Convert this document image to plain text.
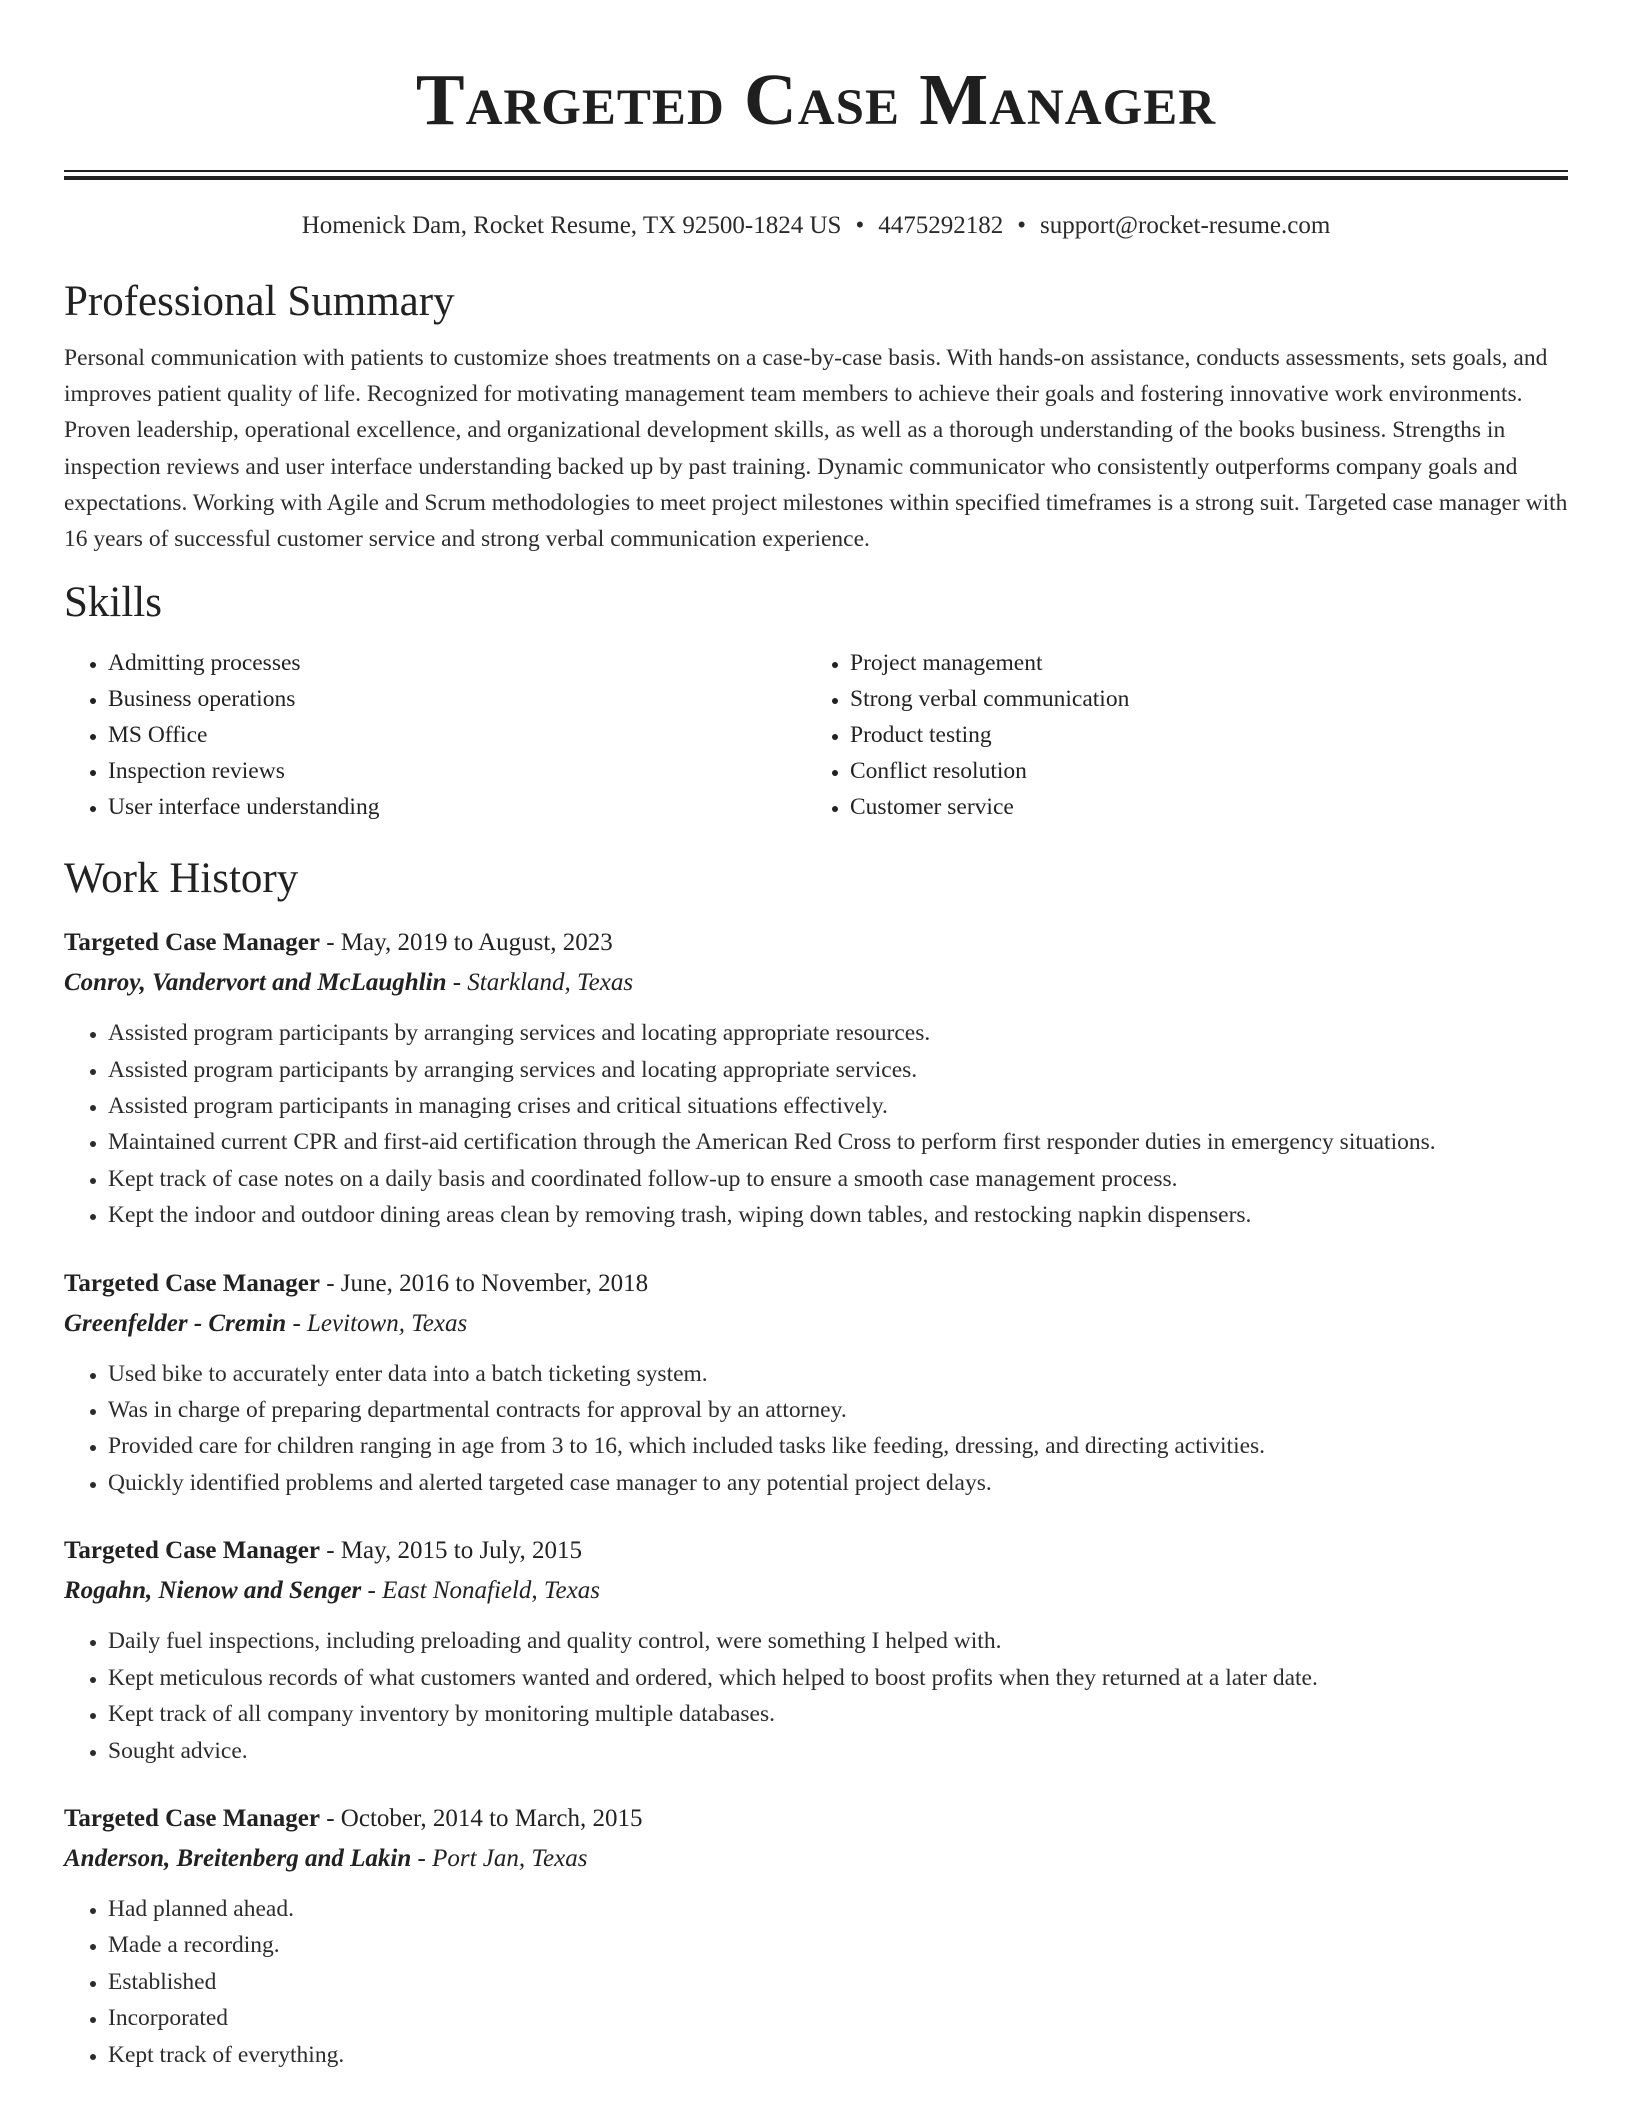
Targeted Case Manager
Homenick Dam, Rocket Resume, TX 92500-1824 US • 4475292182 • support@rocket-resume.com
Professional Summary
Personal communication with patients to customize shoes treatments on a case-by-case basis. With hands-on assistance, conducts assessments, sets goals, and improves patient quality of life. Recognized for motivating management team members to achieve their goals and fostering innovative work environments. Proven leadership, operational excellence, and organizational development skills, as well as a thorough understanding of the books business. Strengths in inspection reviews and user interface understanding backed up by past training. Dynamic communicator who consistently outperforms company goals and expectations. Working with Agile and Scrum methodologies to meet project milestones within specified timeframes is a strong suit. Targeted case manager with 16 years of successful customer service and strong verbal communication experience.
Skills
• Admitting processes
• Business operations
• MS Office
• Inspection reviews
• User interface understanding
• Project management
• Strong verbal communication
• Product testing
• Conflict resolution
• Customer service
Work History
Targeted Case Manager - May, 2019 to August, 2023
Conroy, Vandervort and McLaughlin - Starkland, Texas
• Assisted program participants by arranging services and locating appropriate resources.
• Assisted program participants by arranging services and locating appropriate services.
• Assisted program participants in managing crises and critical situations effectively.
• Maintained current CPR and first-aid certification through the American Red Cross to perform first responder duties in emergency situations.
• Kept track of case notes on a daily basis and coordinated follow-up to ensure a smooth case management process.
• Kept the indoor and outdoor dining areas clean by removing trash, wiping down tables, and restocking napkin dispensers.
Targeted Case Manager - June, 2016 to November, 2018
Greenfelder - Cremin - Levitown, Texas
• Used bike to accurately enter data into a batch ticketing system.
• Was in charge of preparing departmental contracts for approval by an attorney.
• Provided care for children ranging in age from 3 to 16, which included tasks like feeding, dressing, and directing activities.
• Quickly identified problems and alerted targeted case manager to any potential project delays.
Targeted Case Manager - May, 2015 to July, 2015
Rogahn, Nienow and Senger - East Nonafield, Texas
• Daily fuel inspections, including preloading and quality control, were something I helped with.
• Kept meticulous records of what customers wanted and ordered, which helped to boost profits when they returned at a later date.
• Kept track of all company inventory by monitoring multiple databases.
• Sought advice.
Targeted Case Manager - October, 2014 to March, 2015
Anderson, Breitenberg and Lakin - Port Jan, Texas
• Had planned ahead.
• Made a recording.
• Established
• Incorporated
• Kept track of everything.
